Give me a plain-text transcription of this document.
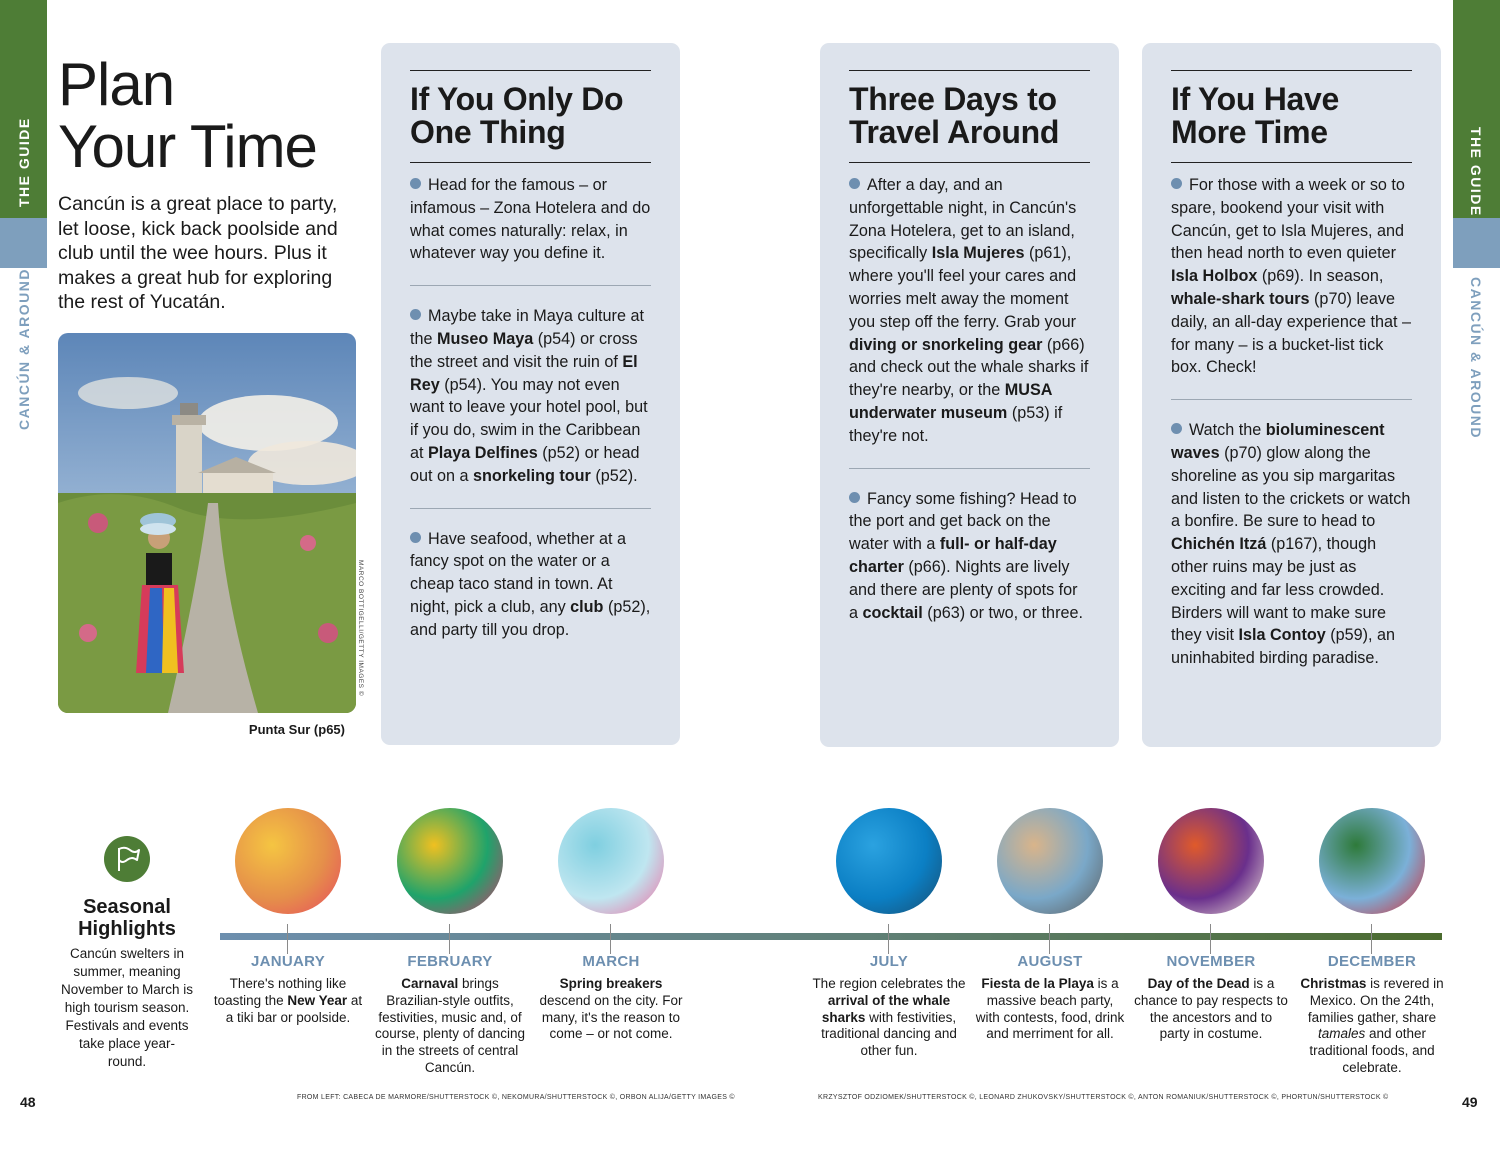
THE GUIDE
CANCÚN & AROUND
THE GUIDE
CANCÚN & AROUND
Plan
Your Time

Cancún is a great place to party, let loose, kick back poolside and club until the wee hours. Plus it makes a great hub for exploring the rest of Yucatán.

MARCO BOTTIGELLI/GETTY IMAGES ©
Punta Sur (p65)
If You Only Do One Thing
Head for the famous – or infamous – Zona Hotelera and do what comes naturally: relax, in whatever way you define it.
Maybe take in Maya culture at the Museo Maya (p54) or cross the street and visit the ruin of El Rey (p54). You may not even want to leave your hotel pool, but if you do, swim in the Caribbean at Playa Delfines (p52) or head out on a snorkeling tour (p52).
Have seafood, whether at a fancy spot on the water or a cheap taco stand in town. At night, pick a club, any club (p52), and party till you drop.
Three Days to Travel Around
After a day, and an unforgettable night, in Cancún's Zona Hotelera, get to an island, specifically Isla Mujeres (p61), where you'll feel your cares and worries melt away the moment you step off the ferry. Grab your diving or snorkeling gear (p66) and check out the whale sharks if they're nearby, or the MUSA underwater museum (p53) if they're not.
Fancy some fishing? Head to the port and get back on the water with a full- or half-day charter (p66). Nights are lively and there are plenty of spots for a cocktail (p63) or two, or three.
If You Have More Time
For those with a week or so to spare, bookend your visit with Cancún, get to Isla Mujeres, and then head north to even quieter Isla Holbox (p69). In season, whale-shark tours (p70) leave daily, an all-day experience that – for many – is a bucket-list tick box. Check!
Watch the bioluminescent waves (p70) glow along the shoreline as you sip margaritas and listen to the crickets or watch a bonfire. Be sure to head to Chichén Itzá (p167), though other ruins may be just as exciting and far less crowded. Birders will want to make sure they visit Isla Contoy (p59), an uninhabited birding paradise.
Seasonal
Highlights
Cancún swelters in summer, meaning November to March is high tourism season. Festivals and events take place year-round.
JANUARY
There's nothing like toasting the New Year at a tiki bar or poolside.
FEBRUARY
Carnaval brings Brazilian-style outfits, festivities, music and, of course, plenty of dancing in the streets of central Cancún.
MARCH
Spring breakers descend on the city. For many, it's the reason to come – or not come.
JULY
The region celebrates the arrival of the whale sharks with festivities, traditional dancing and other fun.
AUGUST
Fiesta de la Playa is a massive beach party, with contests, food, drink and merriment for all.
NOVEMBER
Day of the Dead is a chance to pay respects to the ancestors and to party in costume.
DECEMBER
Christmas is revered in Mexico. On the 24th, families gather, share tamales and other traditional foods, and celebrate.
48	49
FROM LEFT: CABECA DE MARMORE/SHUTTERSTOCK ©, NEKOMURA/SHUTTERSTOCK ©, ORBON ALIJA/GETTY IMAGES ©	KRZYSZTOF ODZIOMEK/SHUTTERSTOCK ©, LEONARD ZHUKOVSKY/SHUTTERSTOCK ©, ANTON ROMANIUK/SHUTTERSTOCK ©, PHORTUN/SHUTTERSTOCK ©
